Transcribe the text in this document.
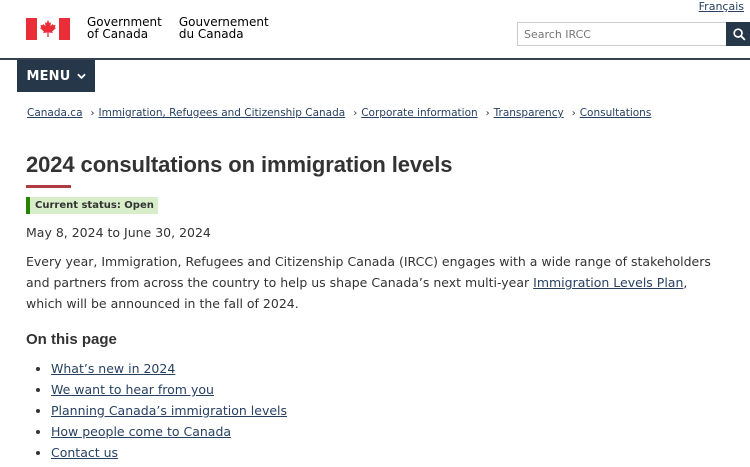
Français
Government
of Canada
Gouvernement
du Canada
Search IRCC
MENU
Canada.ca › Immigration, Refugees and Citizenship Canada › Corporate information › Transparency › Consultations
2024 consultations on immigration levels
Current status: Open
May 8, 2024 to June 30, 2024

Every year, Immigration, Refugees and Citizenship Canada (IRCC) engages with a wide range of stakeholders and partners from across the country to help us shape Canada’s next multi-year Immigration Levels Plan, which will be announced in the fall of 2024.

On this page
• What’s new in 2024
• We want to hear from you
• Planning Canada’s immigration levels
• How people come to Canada
• Contact us
